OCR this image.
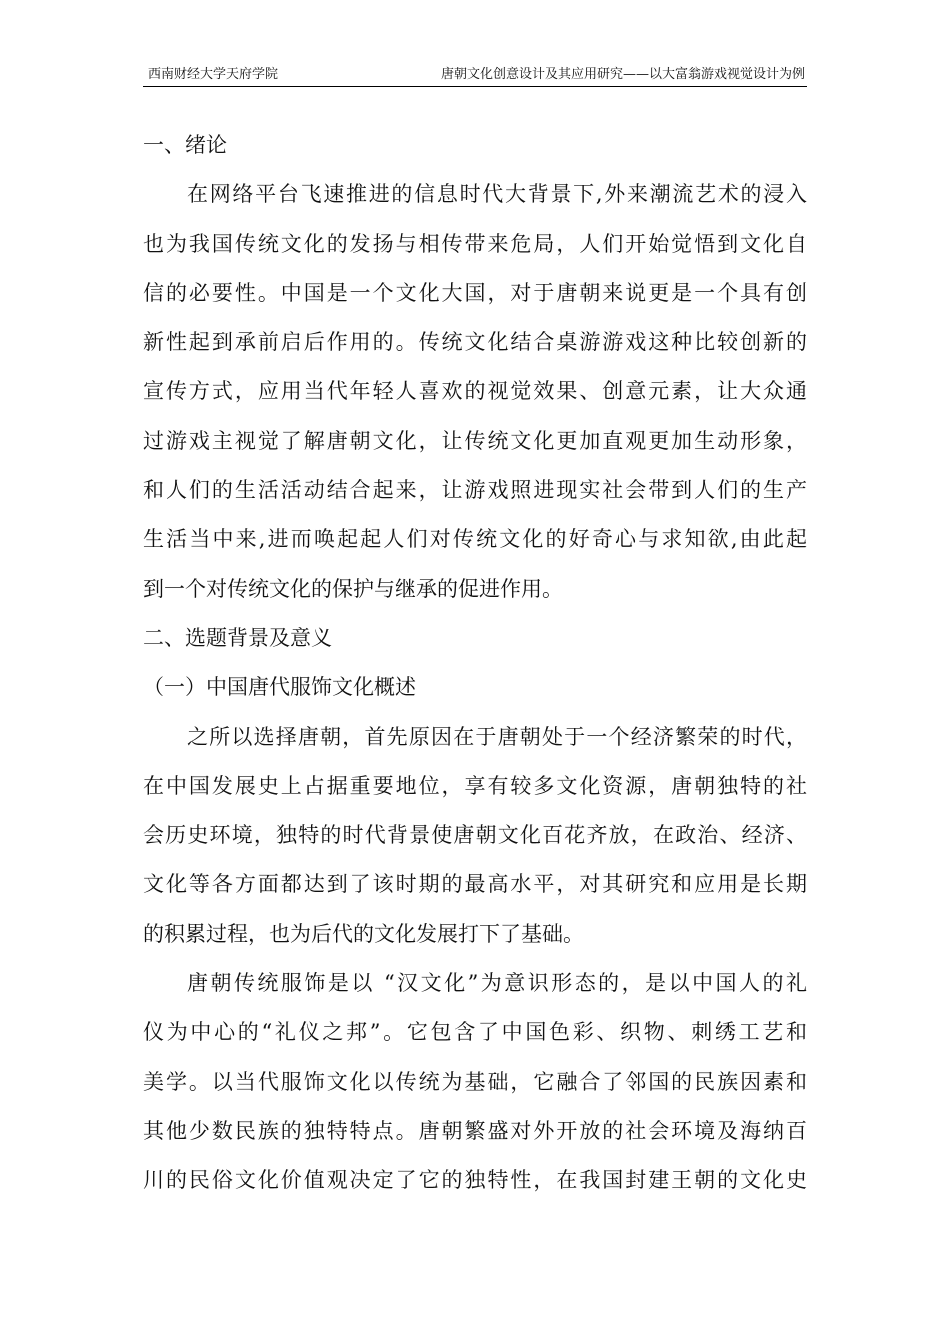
西南财经大学天府学院	唐朝文化创意设计及其应用研究——以大富翁游戏视觉设计为例
一、绪论
在网络平台飞速推进的信息时代大背景下,外来潮流艺术的浸入
也为我国传统文化的发扬与相传带来危局，人们开始觉悟到文化自
信的必要性。中国是一个文化大国，对于唐朝来说更是一个具有创
新性起到承前启后作用的。传统文化结合桌游游戏这种比较创新的
宣传方式，应用当代年轻人喜欢的视觉效果、创意元素，让大众通
过游戏主视觉了解唐朝文化，让传统文化更加直观更加生动形象，
和人们的生活活动结合起来，让游戏照进现实社会带到人们的生产
生活当中来,进而唤起起人们对传统文化的好奇心与求知欲,由此起
到一个对传统文化的保护与继承的促进作用。
二、选题背景及意义
（一）中国唐代服饰文化概述
之所以选择唐朝，首先原因在于唐朝处于一个经济繁荣的时代，
在中国发展史上占据重要地位，享有较多文化资源，唐朝独特的社
会历史环境，独特的时代背景使唐朝文化百花齐放，在政治、经济、
文化等各方面都达到了该时期的最高水平，对其研究和应用是长期
的积累过程，也为后代的文化发展打下了基础。
唐朝传统服饰是以 “汉文化”为意识形态的，是以中国人的礼
仪为中心的“礼仪之邦”。它包含了中国色彩、织物、刺绣工艺和
美学。以当代服饰文化以传统为基础，它融合了邻国的民族因素和
其他少数民族的独特特点。唐朝繁盛对外开放的社会环境及海纳百
川的民俗文化价值观决定了它的独特性，在我国封建王朝的文化史
